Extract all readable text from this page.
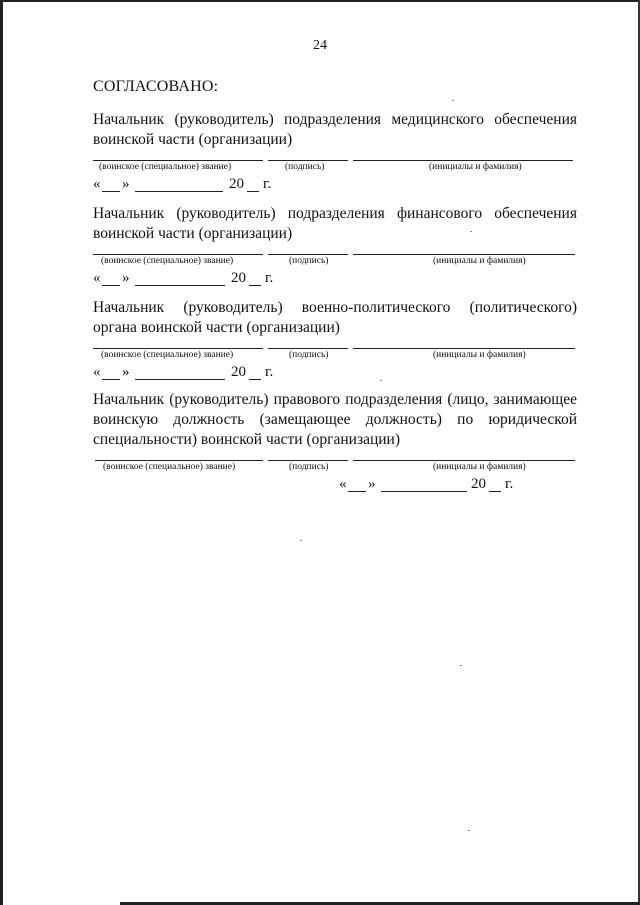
24
СОГЛАСОВАНО:
Начальник (руководитель) подразделения медицинского обеспечения воинской части (организации)
(воинское (специальное) звание)	(подпись)	(инициалы и фамилия)
« »	20 г.
Начальник (руководитель) подразделения финансового обеспечения воинской части (организации)
(воинское (специальное) звание)	(подпись)	(инициалы и фамилия)
« »	20 г.
Начальник (руководитель) военно-политического (политического) органа воинской части (организации)
(воинское (специальное) звание)	(подпись)	(инициалы и фамилия)
« »	20 г.
Начальник (руководитель) правового подразделения (лицо, занимающее воинскую должность (замещающее должность) по юридической специальности) воинской части (организации)
(воинское (специальное) звание)	(подпись)	(инициалы и фамилия)
« »	20 г.
